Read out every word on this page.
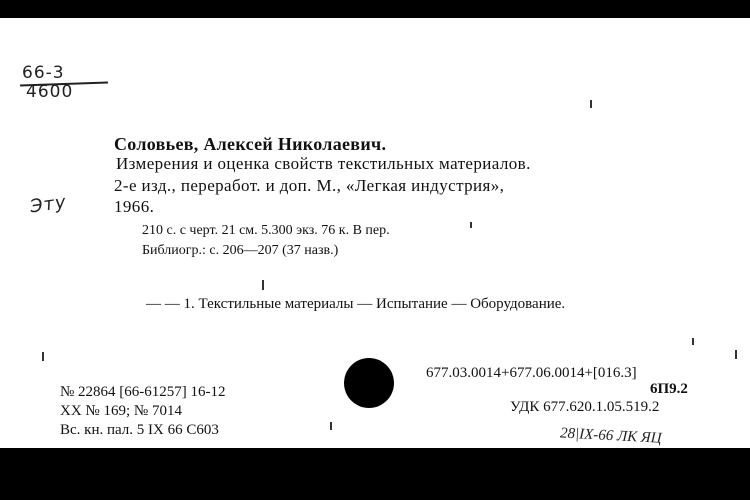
66-3
4600
Эту
Соловьев, Алексей Николаевич.
Измерения и оценка свойств текстильных материалов.
2-е изд., переработ. и доп. М., «Легкая индустрия»,
1966.
210 с. с черт. 21 см. 5.300 экз. 76 к. В пер.
Библиогр.: с. 206—207 (37 назв.)
— — 1. Текстильные материалы — Испытание — Оборудование.
677.03.0014+677.06.0014+[016.3]
6П9.2
УДК 677.620.1.05.519.2
№ 22864 [66-61257] 16-12
XX № 169; № 7014
Вс. кн. пал. 5 IX 66 С603	28|IX-66 ЛК ЯЦ
